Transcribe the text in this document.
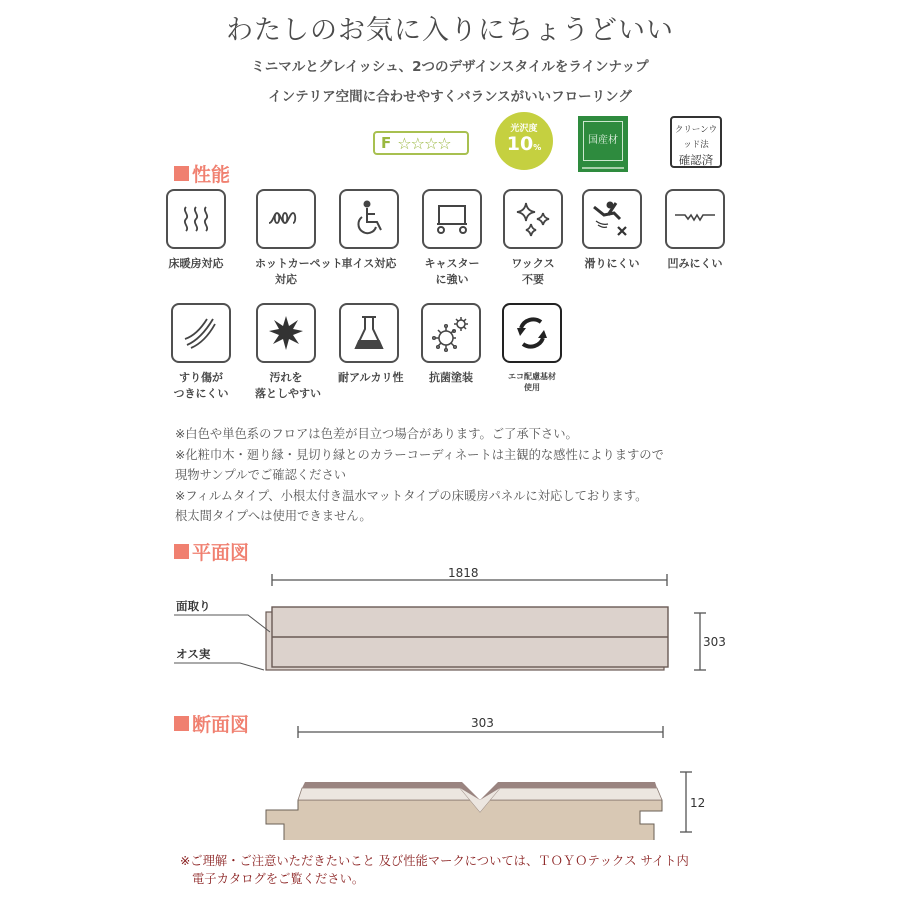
わたしのお気に入りにちょうどいい
ミニマルとグレイッシュ、2つのデザインスタイルをラインナップ
インテリア空間に合わせやすくバランスがいいフローリング
F ☆☆☆☆
光沢度
10%
国産材
クリーンウッド法
確認済
性能
床暖房対応	ホットカーペット
対応
車イス対応	キャスター
に強い
ワックス
不要
滑りにくい	凹みにくい
すり傷が
つきにくい
汚れを
落としやすい
耐アルカリ性	抗菌塗装	エコ配慮基材
使用
※白色や単色系のフロアは色差が目立つ場合があります。ご了承下さい。
※化粧巾木・廻り縁・見切り縁とのカラーコーディネートは主観的な感性によりますので
現物サンプルでご確認ください
※フィルムタイプ、小根太付き温水マットタイプの床暖房パネルに対応しております。
根太間タイプへは使用できません。
平面図
1818
303
面取り
オス実
断面図	303
12
※ご理解・ご注意いただきたいこと 及び性能マークについては、ＴＯＹＯテックス サイト内
電子カタログをご覧ください。
